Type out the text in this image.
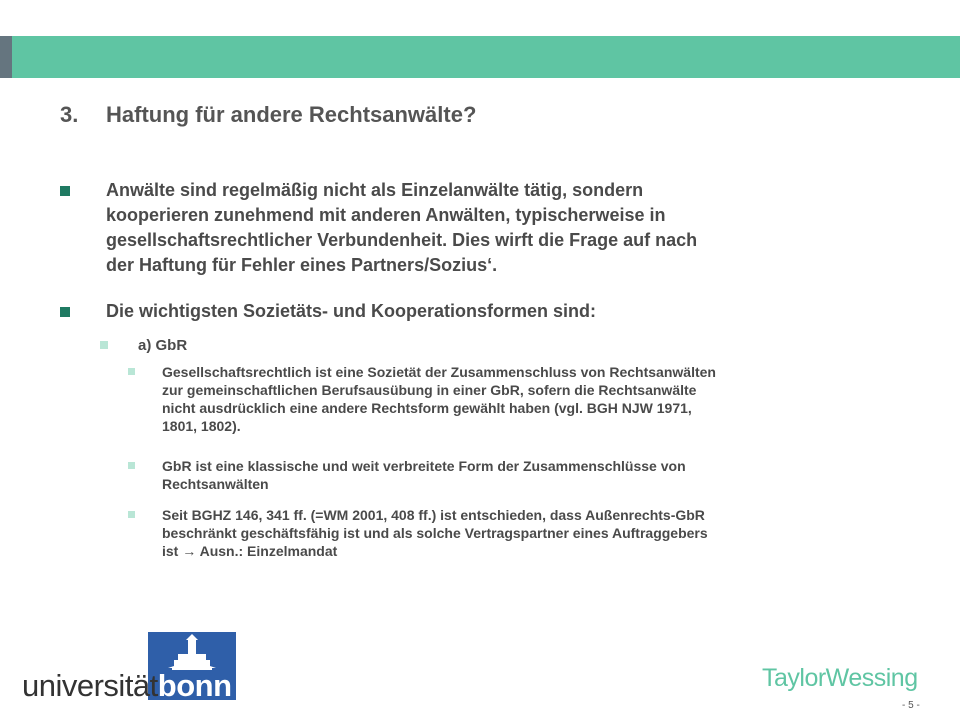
3. Haftung für andere Rechtsanwälte?
Anwälte sind regelmäßig nicht als Einzelanwälte tätig, sondern
kooperieren zunehmend mit anderen Anwälten, typischerweise in
gesellschaftsrechtlicher Verbundenheit. Dies wirft die Frage auf nach
der Haftung für Fehler eines Partners/Sozius‘.
Die wichtigsten Sozietäts- und Kooperationsformen sind:
a) GbR
Gesellschaftsrechtlich ist eine Sozietät der Zusammenschluss von Rechtsanwälten
zur gemeinschaftlichen Berufsausübung in einer GbR, sofern die Rechtsanwälte
nicht ausdrücklich eine andere Rechtsform gewählt haben (vgl. BGH NJW 1971,
1801, 1802).
GbR ist eine klassische und weit verbreitete Form der Zusammenschlüsse von
Rechtsanwälten
Seit BGHZ 146, 341 ff. (=WM 2001, 408 ff.) ist entschieden, dass Außenrechts-GbR
beschränkt geschäftsfähig ist und als solche Vertragspartner eines Auftraggebers
ist → Ausn.: Einzelmandat
universitätbonn	TaylorWessing
- 5 -
